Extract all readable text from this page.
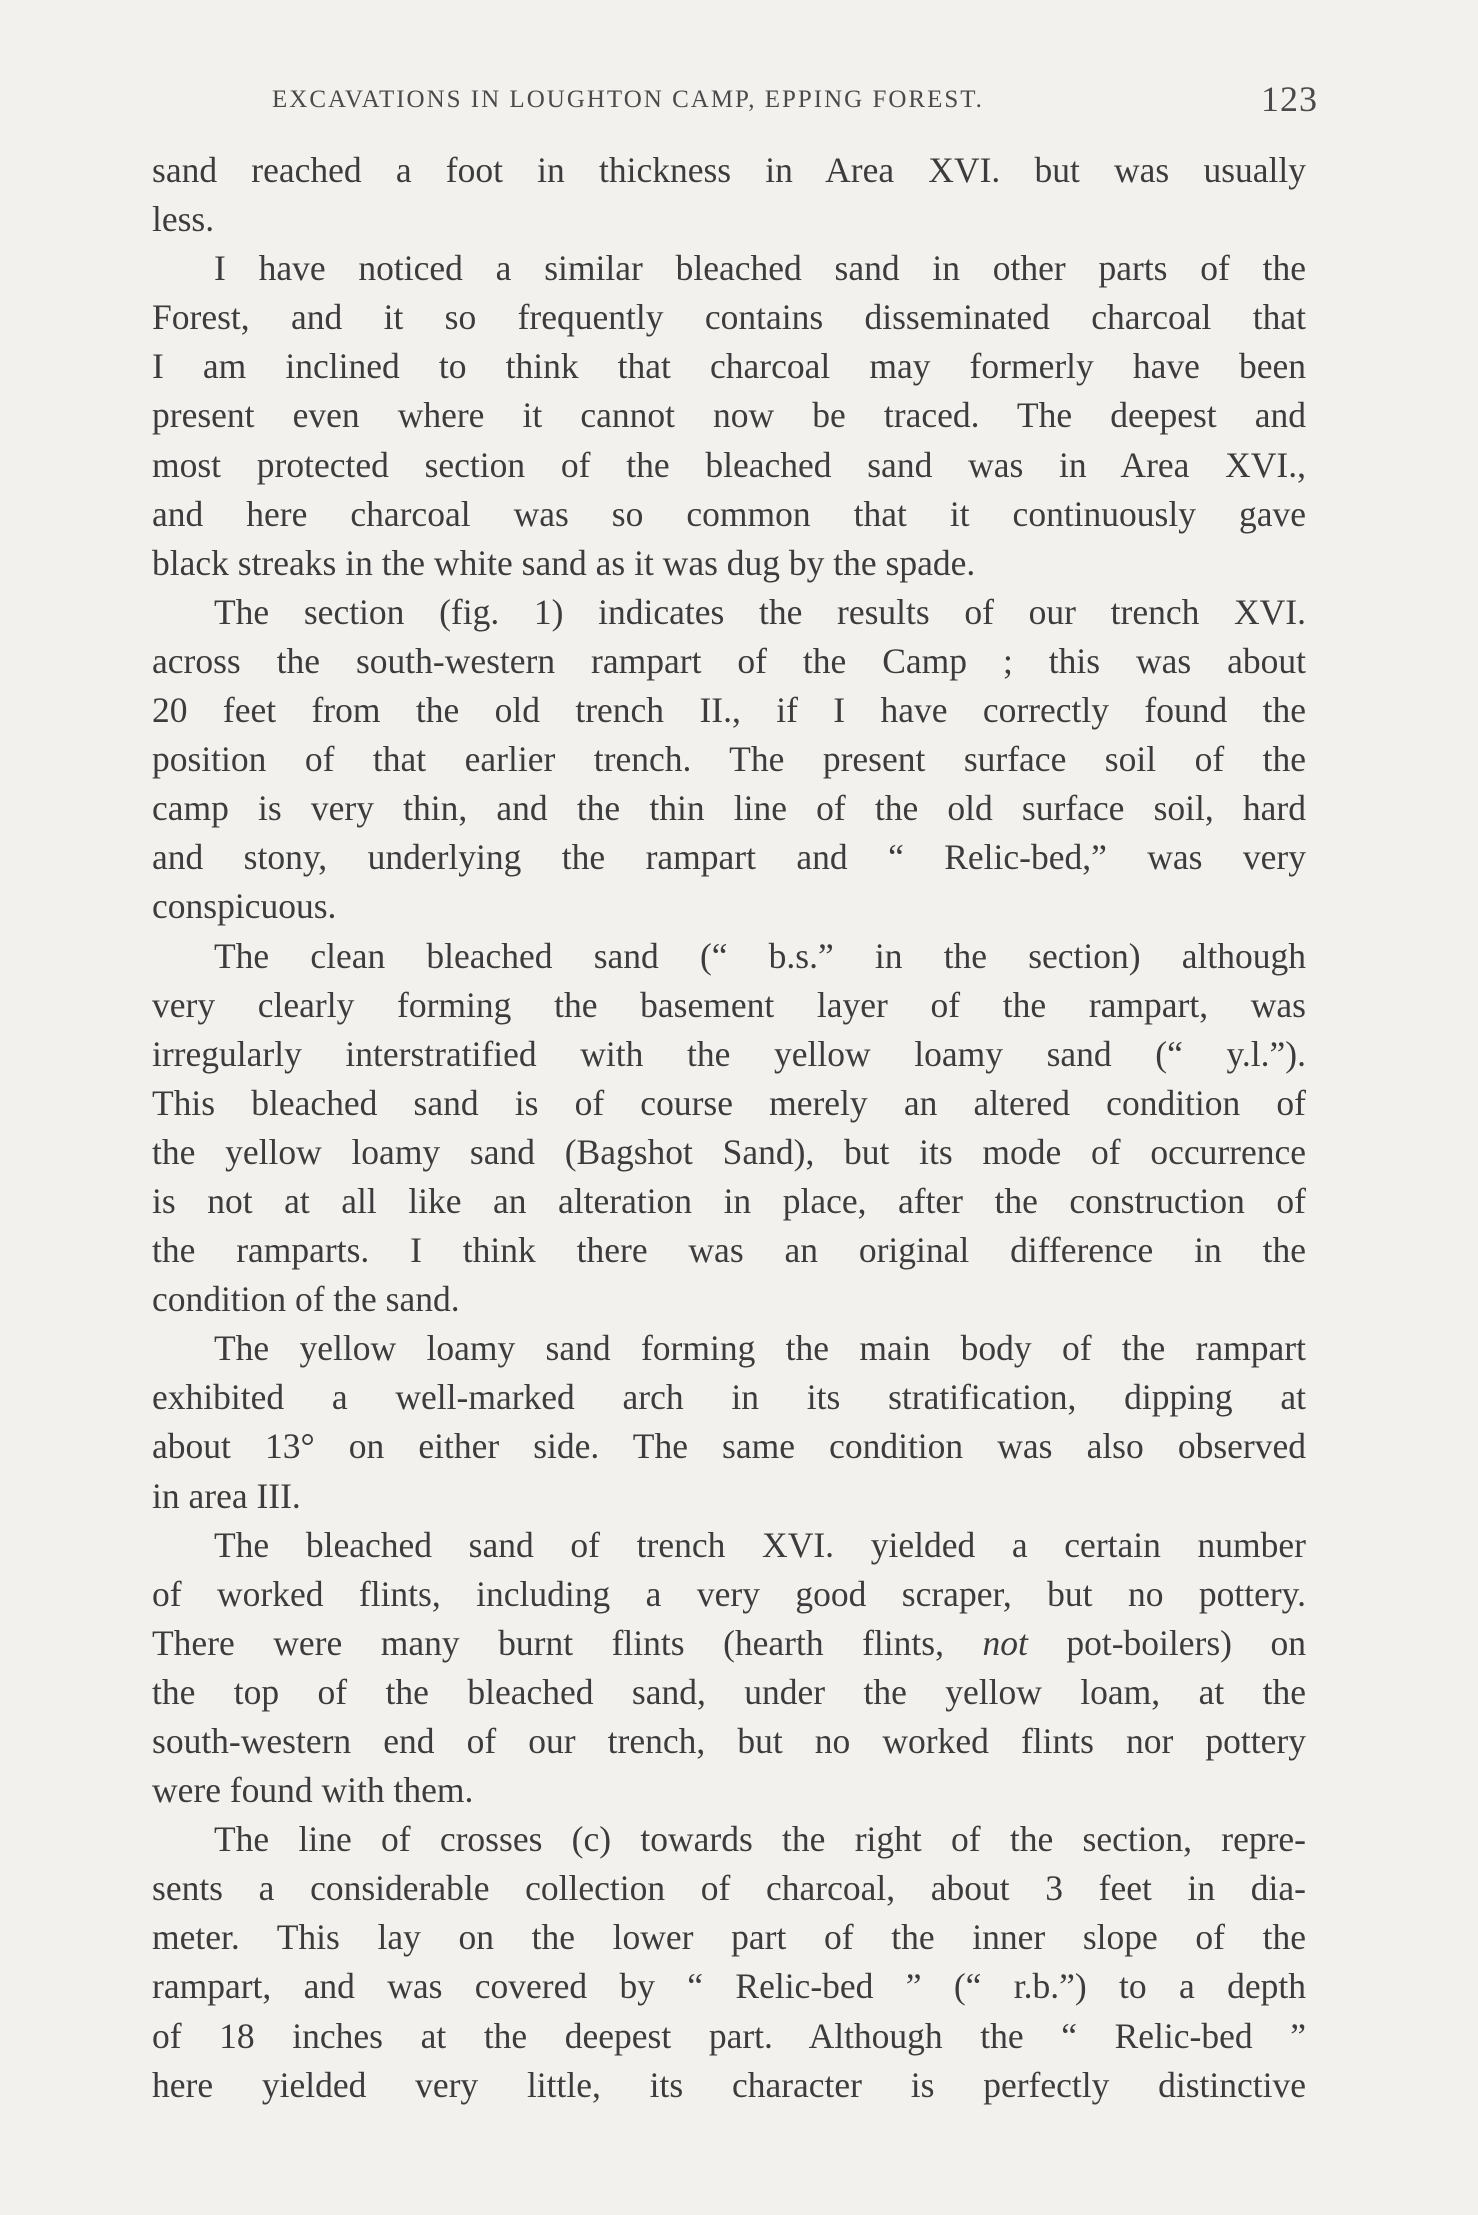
EXCAVATIONS IN LOUGHTON CAMP, EPPING FOREST.	123

sand reached a foot in thickness in Area XVI. but was usually
less.

I have noticed a similar bleached sand in other parts of the
Forest, and it so frequently contains disseminated charcoal that
I am inclined to think that charcoal may formerly have been
present even where it cannot now be traced. The deepest and
most protected section of the bleached sand was in Area XVI.,
and here charcoal was so common that it continuously gave
black streaks in the white sand as it was dug by the spade.

The section (fig. 1) indicates the results of our trench XVI.
across the south-western rampart of the Camp ; this was about
20 feet from the old trench II., if I have correctly found the
position of that earlier trench. The present surface soil of the
camp is very thin, and the thin line of the old surface soil, hard
and stony, underlying the rampart and “ Relic-bed,” was very
conspicuous.

The clean bleached sand (“ b.s.” in the section) although
very clearly forming the basement layer of the rampart, was
irregularly interstratified with the yellow loamy sand (“ y.l.”).
This bleached sand is of course merely an altered condition of
the yellow loamy sand (Bagshot Sand), but its mode of occurrence
is not at all like an alteration in place, after the construction of
the ramparts. I think there was an original difference in the
condition of the sand.

The yellow loamy sand forming the main body of the rampart
exhibited a well-marked arch in its stratification, dipping at
about 13° on either side. The same condition was also observed
in area III.

The bleached sand of trench XVI. yielded a certain number
of worked flints, including a very good scraper, but no pottery.
There were many burnt flints (hearth flints, not pot-boilers) on
the top of the bleached sand, under the yellow loam, at the
south-western end of our trench, but no worked flints nor pottery
were found with them.

The line of crosses (c) towards the right of the section, repre-
sents a considerable collection of charcoal, about 3 feet in dia-
meter. This lay on the lower part of the inner slope of the
rampart, and was covered by “ Relic-bed ” (“ r.b.”) to a depth
of 18 inches at the deepest part. Although the “ Relic-bed ”
here yielded very little, its character is perfectly distinctive
